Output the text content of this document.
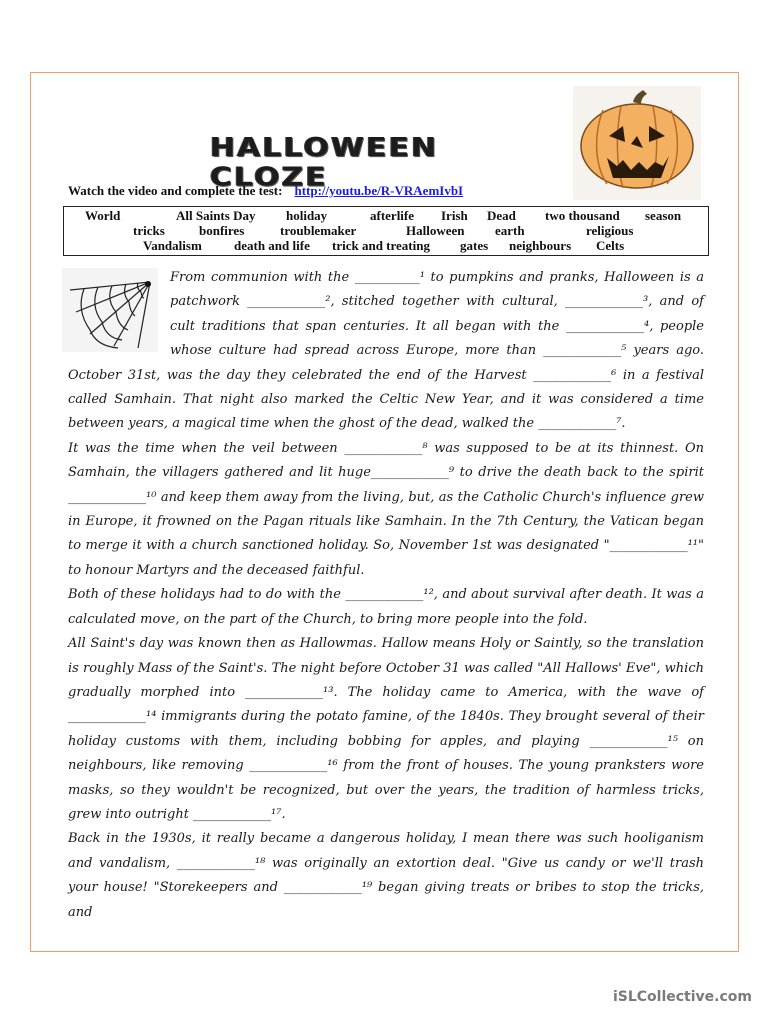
HALLOWEEN CLOZE
Watch the video and complete the test: http://youtu.be/R-VRAemIvbI
World	All Saints Day holiday	afterlife Irish Dead two thousand season
tricks	bonfires	troublemaker	Halloween earth	religious
Vandalism death and life trick and treating gates neighbours Celts

From communion with the __________¹ to pumpkins and pranks, Halloween is a patchwork ____________², stitched together with cultural, ____________³, and of cult traditions that span centuries. It all began with the ____________⁴, people whose culture had spread across Europe, more than ____________⁵ years ago. October 31st, was the day they celebrated the end of the Harvest ____________⁶ in a festival called Samhain. That night also marked the Celtic New Year, and it was considered a time between years, a magical time when the ghost of the dead, walked the ____________⁷.

It was the time when the veil between ____________⁸ was supposed to be at its thinnest. On Samhain, the villagers gathered and lit huge____________⁹ to drive the death back to the spirit ____________¹⁰ and keep them away from the living, but, as the Catholic Church's influence grew in Europe, it frowned on the Pagan rituals like Samhain. In the 7th Century, the Vatican began to merge it with a church sanctioned holiday. So, November 1st was designated "____________¹¹" to honour Martyrs and the deceased faithful.

Both of these holidays had to do with the ____________¹², and about survival after death. It was a calculated move, on the part of the Church, to bring more people into the fold.

All Saint's day was known then as Hallowmas. Hallow means Holy or Saintly, so the translation is roughly Mass of the Saint's. The night before October 31 was called "All Hallows' Eve", which gradually morphed into ____________¹³. The holiday came to America, with the wave of ____________¹⁴ immigrants during the potato famine, of the 1840s. They brought several of their holiday customs with them, including bobbing for apples, and playing ____________¹⁵ on neighbours, like removing ____________¹⁶ from the front of houses. The young pranksters wore masks, so they wouldn't be recognized, but over the years, the tradition of harmless tricks, grew into outright ____________¹⁷.

Back in the 1930s, it really became a dangerous holiday, I mean there was such hooliganism and vandalism, ____________¹⁸ was originally an extortion deal. "Give us candy or we'll trash your house! "Storekeepers and ____________¹⁹ began giving treats or bribes to stop the tricks, and

iSLCollective.com
